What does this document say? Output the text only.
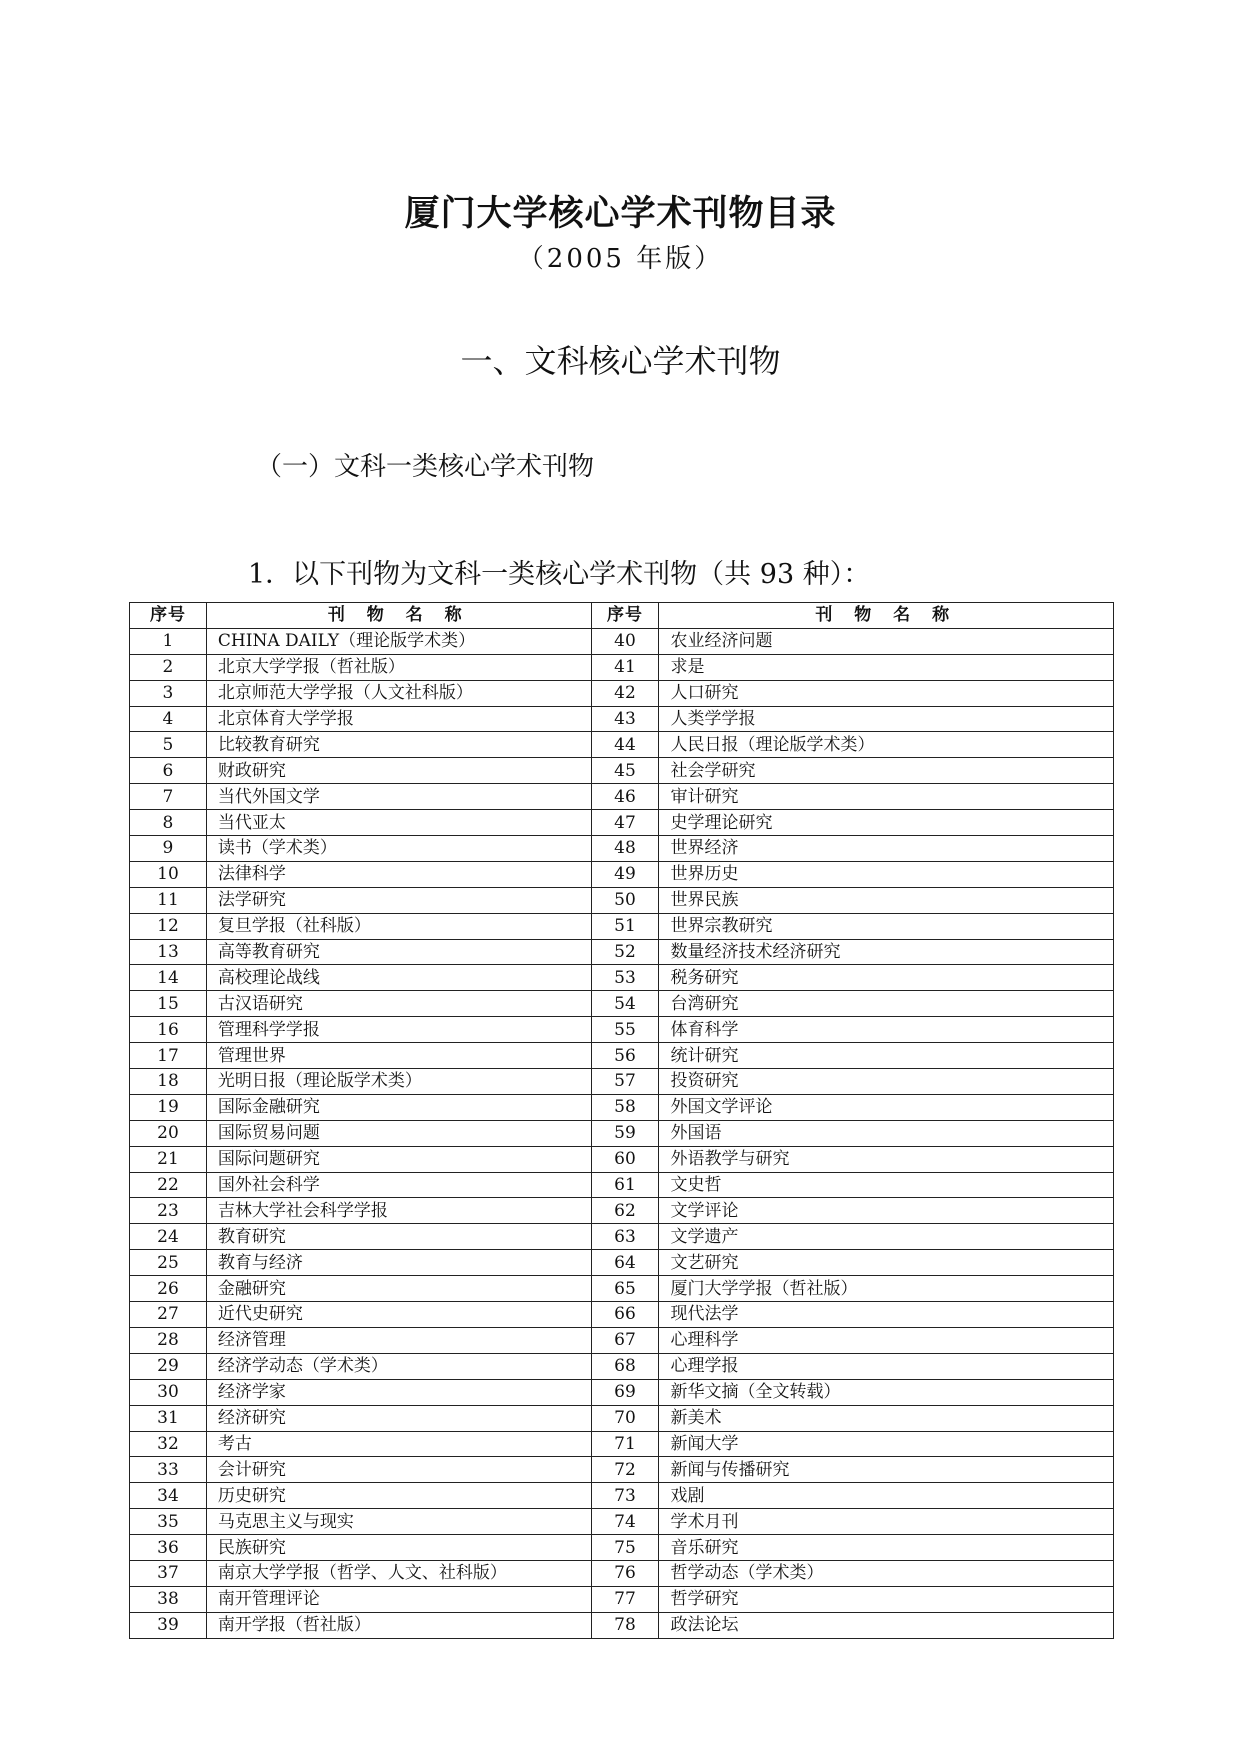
厦门大学核心学术刊物目录
（2005 年版）
一、文科核心学术刊物
（一）文科一类核心学术刊物
1．以下刊物为文科一类核心学术刊物（共 93 种）：
序号	刊 物 名 称	序号	刊 物 名 称
1	CHINA DAILY（理论版学术类）	40	农业经济问题
2	北京大学学报（哲社版）	41	求是
3	北京师范大学学报（人文社科版）	42	人口研究
4	北京体育大学学报	43	人类学学报
5	比较教育研究	44	人民日报（理论版学术类）
6	财政研究	45	社会学研究
7	当代外国文学	46	审计研究
8	当代亚太	47	史学理论研究
9	读书（学术类）	48	世界经济
10	法律科学	49	世界历史
11	法学研究	50	世界民族
12	复旦学报（社科版）	51	世界宗教研究
13	高等教育研究	52	数量经济技术经济研究
14	高校理论战线	53	税务研究
15	古汉语研究	54	台湾研究
16	管理科学学报	55	体育科学
17	管理世界	56	统计研究
18	光明日报（理论版学术类）	57	投资研究
19	国际金融研究	58	外国文学评论
20	国际贸易问题	59	外国语
21	国际问题研究	60	外语教学与研究
22	国外社会科学	61	文史哲
23	吉林大学社会科学学报	62	文学评论
24	教育研究	63	文学遗产
25	教育与经济	64	文艺研究
26	金融研究	65	厦门大学学报（哲社版）
27	近代史研究	66	现代法学
28	经济管理	67	心理科学
29	经济学动态（学术类）	68	心理学报
30	经济学家	69	新华文摘（全文转载）
31	经济研究	70	新美术
32	考古	71	新闻大学
33	会计研究	72	新闻与传播研究
34	历史研究	73	戏剧
35	马克思主义与现实	74	学术月刊
36	民族研究	75	音乐研究
37	南京大学学报（哲学、人文、社科版）	76	哲学动态（学术类）
38	南开管理评论	77	哲学研究
39	南开学报（哲社版）	78	政法论坛
